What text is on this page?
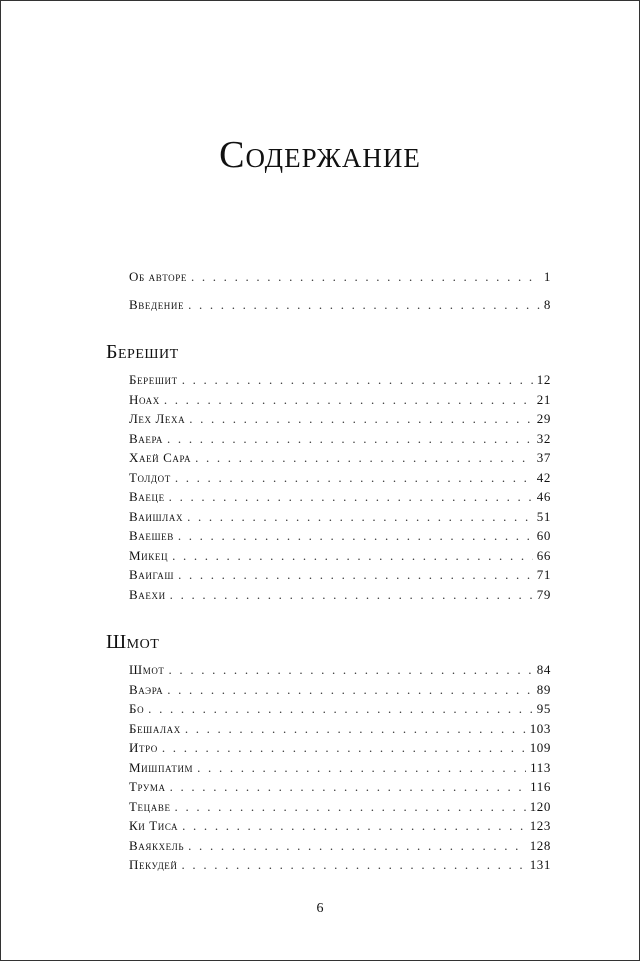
Содержание
Об авторе . . .	1
Введение . . .	8
Берешит
Берешит . . .	12
Ноах . . .	21
Лех Леха . . .	29
Ваера . . .	32
Хаей Сара . . .	37
Толдот . . .	42
Ваеце . . .	46
Ваишлах . . .	51
Ваешев . . .	60
Микец . . .	66
Ваигаш . . .	71
Ваехи . . .	79
Шмот
Шмот . . .	84
Ваэра . . .	89
Бо . . .	95
Бешалах . . .	103
Итро . . .	109
Мишпатим . . .	113
Трума . . .	116
Тецаве . . .	120
Ки Тиса . . .	123
Ваякхель . . .	128
Пекудей . . .	131
6
